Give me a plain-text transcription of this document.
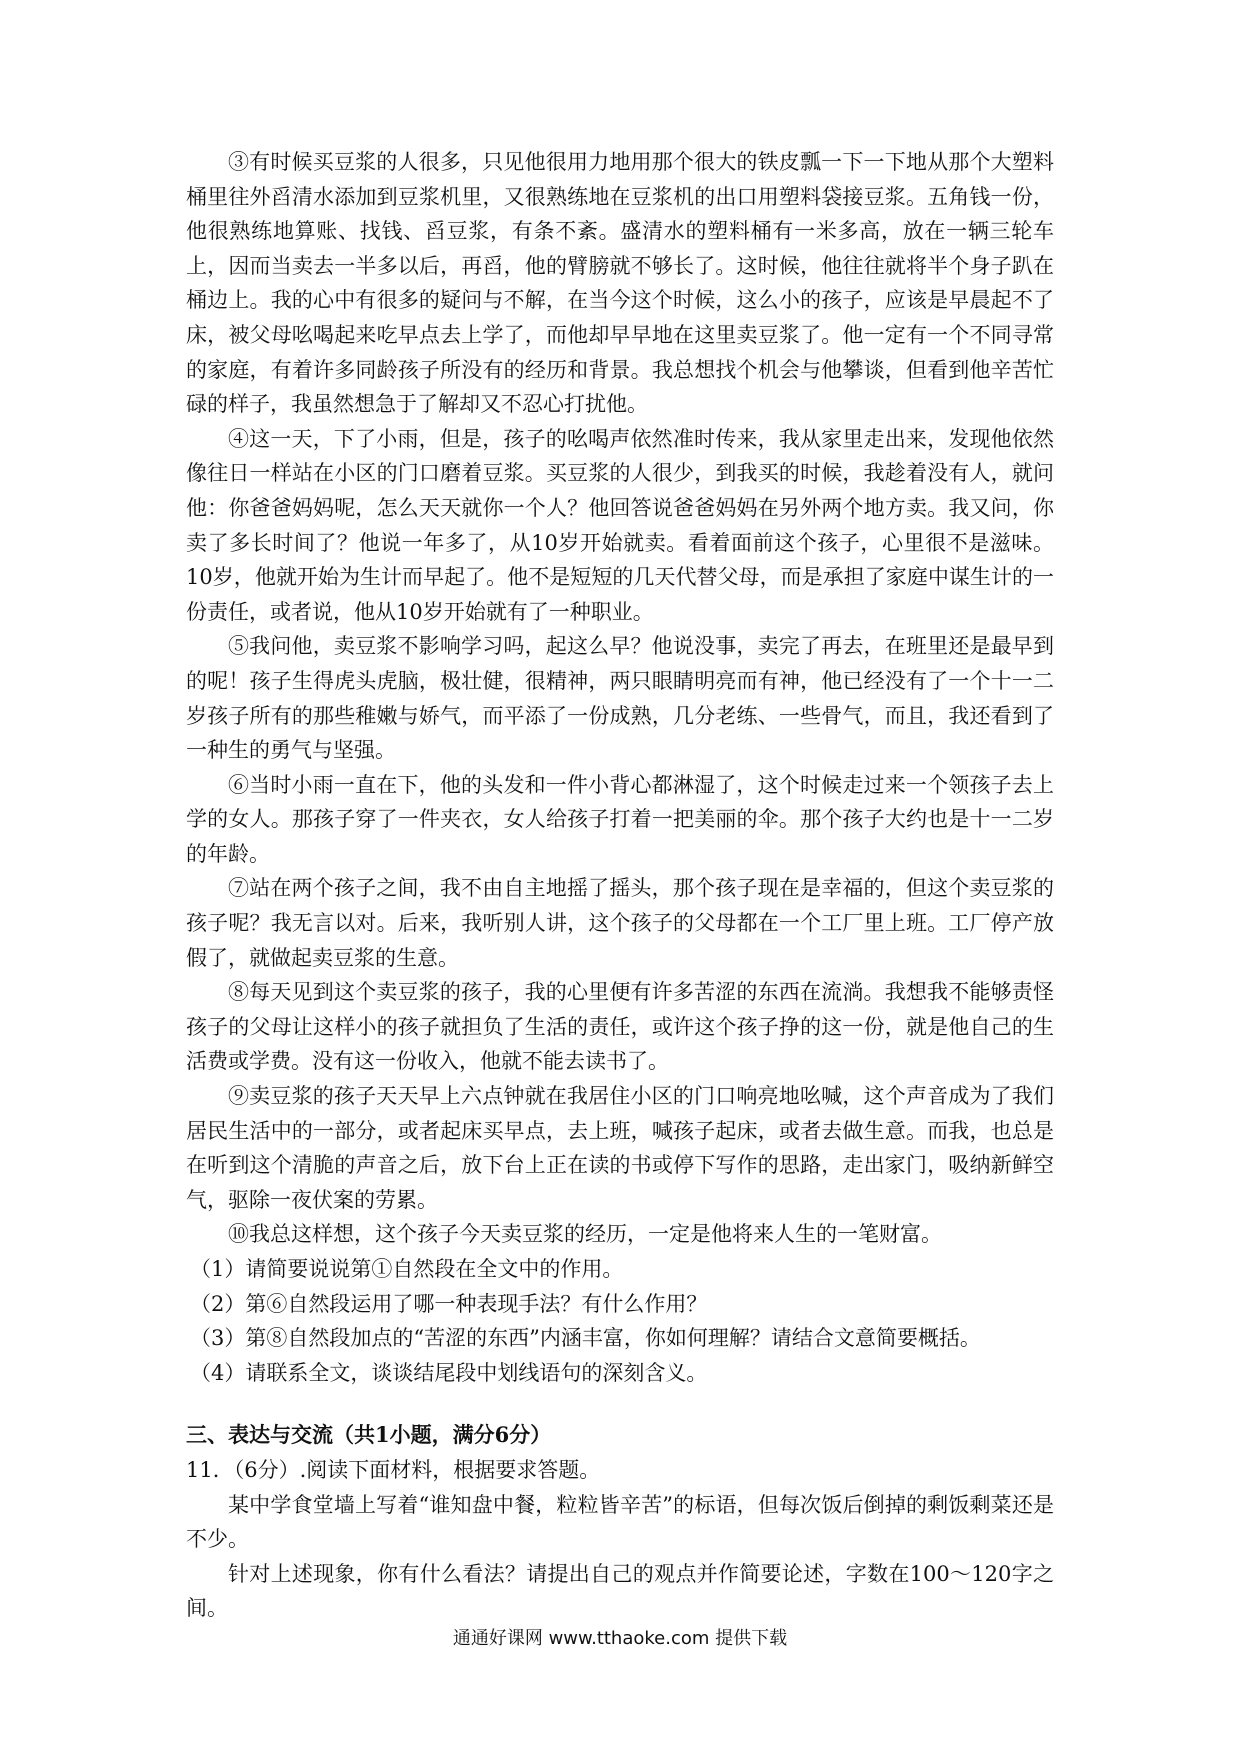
③有时候买豆浆的人很多，只见他很用力地用那个很大的铁皮瓢一下一下地从那个大塑料桶里往外舀清水添加到豆浆机里，又很熟练地在豆浆机的出口用塑料袋接豆浆。五角钱一份，他很熟练地算账、找钱、舀豆浆，有条不紊。盛清水的塑料桶有一米多高，放在一辆三轮车上，因而当卖去一半多以后，再舀，他的臂膀就不够长了。这时候，他往往就将半个身子趴在桶边上。我的心中有很多的疑问与不解，在当今这个时候，这么小的孩子，应该是早晨起不了床，被父母吆喝起来吃早点去上学了，而他却早早地在这里卖豆浆了。他一定有一个不同寻常的家庭，有着许多同龄孩子所没有的经历和背景。我总想找个机会与他攀谈，但看到他辛苦忙碌的样子，我虽然想急于了解却又不忍心打扰他。

④这一天，下了小雨，但是，孩子的吆喝声依然准时传来，我从家里走出来，发现他依然像往日一样站在小区的门口磨着豆浆。买豆浆的人很少，到我买的时候，我趁着没有人，就问他：你爸爸妈妈呢，怎么天天就你一个人？他回答说爸爸妈妈在另外两个地方卖。我又问，你卖了多长时间了？他说一年多了，从10岁开始就卖。看着面前这个孩子，心里很不是滋味。10岁，他就开始为生计而早起了。他不是短短的几天代替父母，而是承担了家庭中谋生计的一份责任，或者说，他从10岁开始就有了一种职业。

⑤我问他，卖豆浆不影响学习吗，起这么早？他说没事，卖完了再去，在班里还是最早到的呢！孩子生得虎头虎脑，极壮健，很精神，两只眼睛明亮而有神，他已经没有了一个十一二岁孩子所有的那些稚嫩与娇气，而平添了一份成熟，几分老练、一些骨气，而且，我还看到了一种生的勇气与坚强。

⑥当时小雨一直在下，他的头发和一件小背心都淋湿了，这个时候走过来一个领孩子去上学的女人。那孩子穿了一件夹衣，女人给孩子打着一把美丽的伞。那个孩子大约也是十一二岁的年龄。

⑦站在两个孩子之间，我不由自主地摇了摇头，那个孩子现在是幸福的，但这个卖豆浆的孩子呢？我无言以对。后来，我听别人讲，这个孩子的父母都在一个工厂里上班。工厂停产放假了，就做起卖豆浆的生意。

⑧每天见到这个卖豆浆的孩子，我的心里便有许多苦涩的东西在流淌。我想我不能够责怪孩子的父母让这样小的孩子就担负了生活的责任，或许这个孩子挣的这一份，就是他自己的生活费或学费。没有这一份收入，他就不能去读书了。

⑨卖豆浆的孩子天天早上六点钟就在我居住小区的门口响亮地吆喊，这个声音成为了我们居民生活中的一部分，或者起床买早点，去上班，喊孩子起床，或者去做生意。而我，也总是在听到这个清脆的声音之后，放下台上正在读的书或停下写作的思路，走出家门，吸纳新鲜空气，驱除一夜伏案的劳累。

⑩我总这样想，这个孩子今天卖豆浆的经历，一定是他将来人生的一笔财富。

（1）请简要说说第①自然段在全文中的作用。

（2）第⑥自然段运用了哪一种表现手法？有什么作用？

（3）第⑧自然段加点的“苦涩的东西”内涵丰富，你如何理解？请结合文意简要概括。

（4）请联系全文，谈谈结尾段中划线语句的深刻含义。

三、表达与交流（共1小题，满分6分）

11．（6分）.阅读下面材料，根据要求答题。

某中学食堂墙上写着“谁知盘中餐，粒粒皆辛苦”的标语，但每次饭后倒掉的剩饭剩菜还是不少。

针对上述现象，你有什么看法？请提出自己的观点并作简要论述，字数在100～120字之间。

通通好课网 www.tthaoke.com 提供下载
